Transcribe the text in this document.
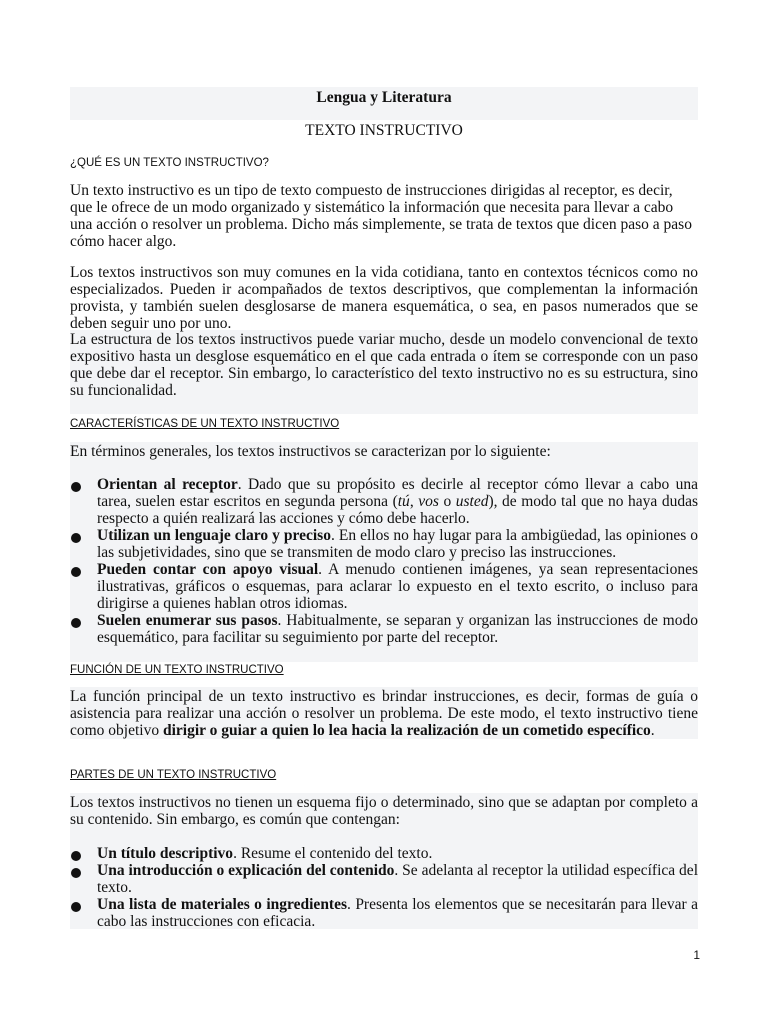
Lengua y Literatura
TEXTO INSTRUCTIVO
¿QUÉ ES UN TEXTO INSTRUCTIVO?
Un texto instructivo es un tipo de texto compuesto de instrucciones dirigidas al receptor, es decir, que le ofrece de un modo organizado y sistemático la información que necesita para llevar a cabo una acción o resolver un problema. Dicho más simplemente, se trata de textos que dicen paso a paso cómo hacer algo.
Los textos instructivos son muy comunes en la vida cotidiana, tanto en contextos técnicos como no especializados. Pueden ir acompañados de textos descriptivos, que complementan la información provista, y también suelen desglosarse de manera esquemática, o sea, en pasos numerados que se deben seguir uno por uno.
La estructura de los textos instructivos puede variar mucho, desde un modelo convencional de texto expositivo hasta un desglose esquemático en el que cada entrada o ítem se corresponde con un paso que debe dar el receptor. Sin embargo, lo característico del texto instructivo no es su estructura, sino su funcionalidad.
CARACTERÍSTICAS DE UN TEXTO INSTRUCTIVO
En términos generales, los textos instructivos se caracterizan por lo siguiente:
Orientan al receptor. Dado que su propósito es decirle al receptor cómo llevar a cabo una tarea, suelen estar escritos en segunda persona (tú, vos o usted), de modo tal que no haya dudas respecto a quién realizará las acciones y cómo debe hacerlo.
Utilizan un lenguaje claro y preciso. En ellos no hay lugar para la ambigüedad, las opiniones o las subjetividades, sino que se transmiten de modo claro y preciso las instrucciones.
Pueden contar con apoyo visual. A menudo contienen imágenes, ya sean representaciones ilustrativas, gráficos o esquemas, para aclarar lo expuesto en el texto escrito, o incluso para dirigirse a quienes hablan otros idiomas.
Suelen enumerar sus pasos. Habitualmente, se separan y organizan las instrucciones de modo esquemático, para facilitar su seguimiento por parte del receptor.
FUNCIÓN DE UN TEXTO INSTRUCTIVO
La función principal de un texto instructivo es brindar instrucciones, es decir, formas de guía o asistencia para realizar una acción o resolver un problema. De este modo, el texto instructivo tiene como objetivo dirigir o guiar a quien lo lea hacia la realización de un cometido específico.
PARTES DE UN TEXTO INSTRUCTIVO
Los textos instructivos no tienen un esquema fijo o determinado, sino que se adaptan por completo a su contenido. Sin embargo, es común que contengan:
Un título descriptivo. Resume el contenido del texto.
Una introducción o explicación del contenido. Se adelanta al receptor la utilidad específica del texto.
Una lista de materiales o ingredientes. Presenta los elementos que se necesitarán para llevar a cabo las instrucciones con eficacia.
1
